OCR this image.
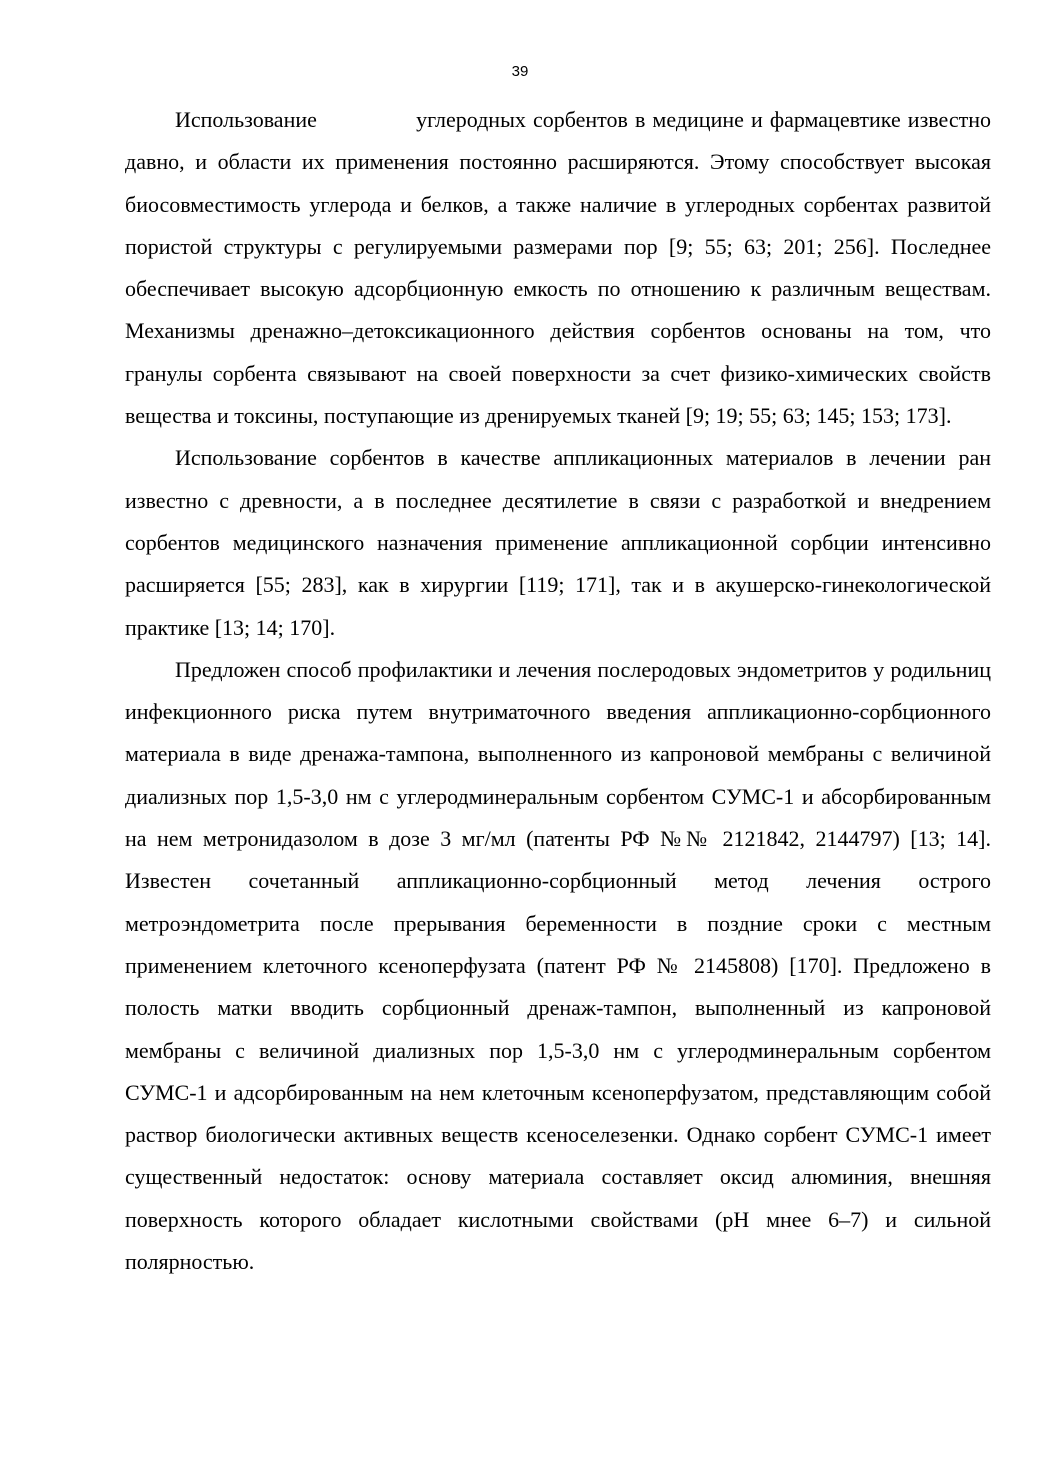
39

Использование              углеродных сорбентов в медицине и фармацевтике известно давно, и области их применения постоянно расширяются. Этому способствует высокая биосовместимость углерода и белков, а также наличие в углеродных сорбентах развитой пористой структуры с регулируемыми размерами пор [9; 55; 63; 201; 256]. Последнее обеспечивает высокую адсорбционную емкость по отношению к различным веществам. Механизмы дренажно–детоксикационного действия сорбентов основаны на том, что гранулы сорбента связывают на своей поверхности за счет физико-химических свойств вещества и токсины, поступающие из дренируемых тканей [9; 19; 55; 63; 145; 153; 173].

Использование сорбентов в качестве аппликационных материалов в лечении ран известно с древности, а в последнее десятилетие в связи с разработкой и внедрением сорбентов медицинского назначения применение аппликационной сорбции интенсивно расширяется [55; 283], как в хирургии [119; 171], так и в акушерско-гинекологической практике [13; 14; 170].

Предложен способ профилактики и лечения послеродовых эндометритов у родильниц инфекционного риска путем внутриматочного введения аппликационно-сорбционного материала в виде дренажа-тампона, выполненного из капроновой мембраны с величиной диализных пор 1,5-3,0 нм с углеродминеральным сорбентом СУМС-1 и абсорбированным на нем метронидазолом в дозе 3 мг/мл (патенты РФ №№ 2121842, 2144797) [13; 14]. Известен сочетанный аппликационно-сорбционный метод лечения острого метроэндометрита после прерывания беременности в поздние сроки с местным применением клеточного ксеноперфузата (патент РФ № 2145808) [170]. Предложено в полость матки вводить сорбционный дренаж-тампон, выполненный из капроновой мембраны с величиной диализных пор 1,5-3,0 нм с углеродминеральным сорбентом СУМС-1 и адсорбированным на нем клеточным ксеноперфузатом, представляющим собой раствор биологически активных веществ ксеноселезенки. Однако сорбент СУМС-1 имеет существенный недостаток: основу материала составляет оксид алюминия, внешняя поверхность которого обладает кислотными свойствами (рН мнее 6–7) и сильной полярностью.
